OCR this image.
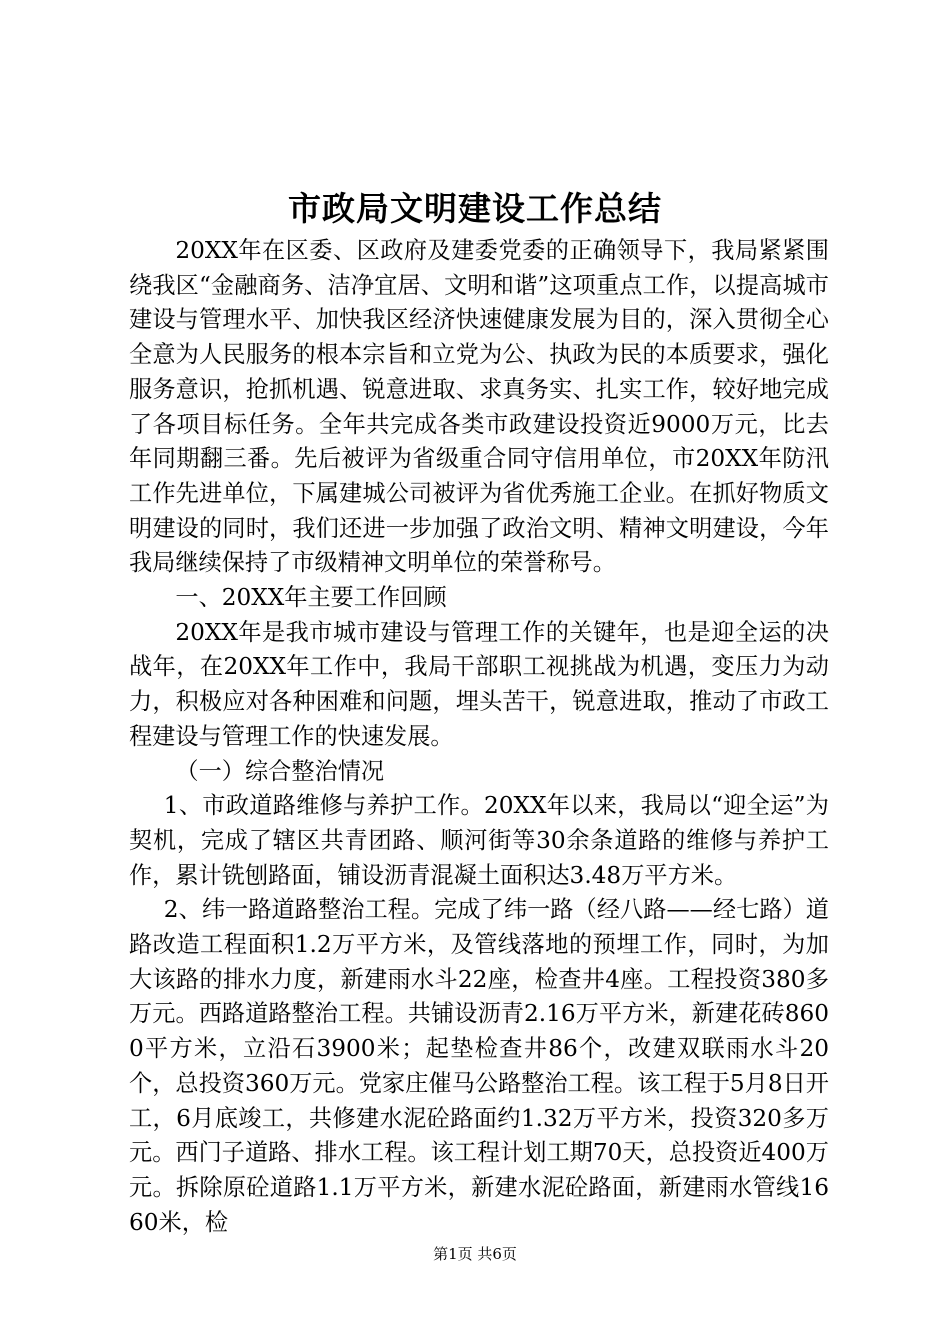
市政局文明建设工作总结

20XX年在区委、区政府及建委党委的正确领导下，我局紧紧围绕我区“金融商务、洁净宜居、文明和谐”这项重点工作，以提高城市建设与管理水平、加快我区经济快速健康发展为目的，深入贯彻全心全意为人民服务的根本宗旨和立党为公、执政为民的本质要求，强化服务意识，抢抓机遇、锐意进取、求真务实、扎实工作，较好地完成了各项目标任务。全年共完成各类市政建设投资近9000万元，比去年同期翻三番。先后被评为省级重合同守信用单位，市20XX年防汛工作先进单位，下属建城公司被评为省优秀施工企业。在抓好物质文明建设的同时，我们还进一步加强了政治文明、精神文明建设，今年我局继续保持了市级精神文明单位的荣誉称号。

一、20XX年主要工作回顾

20XX年是我市城市建设与管理工作的关键年，也是迎全运的决战年，在20XX年工作中，我局干部职工视挑战为机遇，变压力为动力，积极应对各种困难和问题，埋头苦干，锐意进取，推动了市政工程建设与管理工作的快速发展。

（一）综合整治情况

1、市政道路维修与养护工作。20XX年以来，我局以“迎全运”为契机，完成了辖区共青团路、顺河街等30余条道路的维修与养护工作，累计铣刨路面，铺设沥青混凝土面积达3.48万平方米。

2、纬一路道路整治工程。完成了纬一路（经八路——经七路）道路改造工程面积1.2万平方米，及管线落地的预埋工作，同时，为加大该路的排水力度，新建雨水斗22座，检查井4座。工程投资380多万元。西路道路整治工程。共铺设沥青2.16万平方米，新建花砖8600平方米，立沿石3900米；起垫检查井86个，改建双联雨水斗20个，总投资360万元。党家庄催马公路整治工程。该工程于5月8日开工，6月底竣工，共修建水泥砼路面约1.32万平方米，投资320多万元。西门子道路、排水工程。该工程计划工期70天，总投资近400万元。拆除原砼道路1.1万平方米，新建水泥砼路面，新建雨水管线1660米，检

第1页 共6页
